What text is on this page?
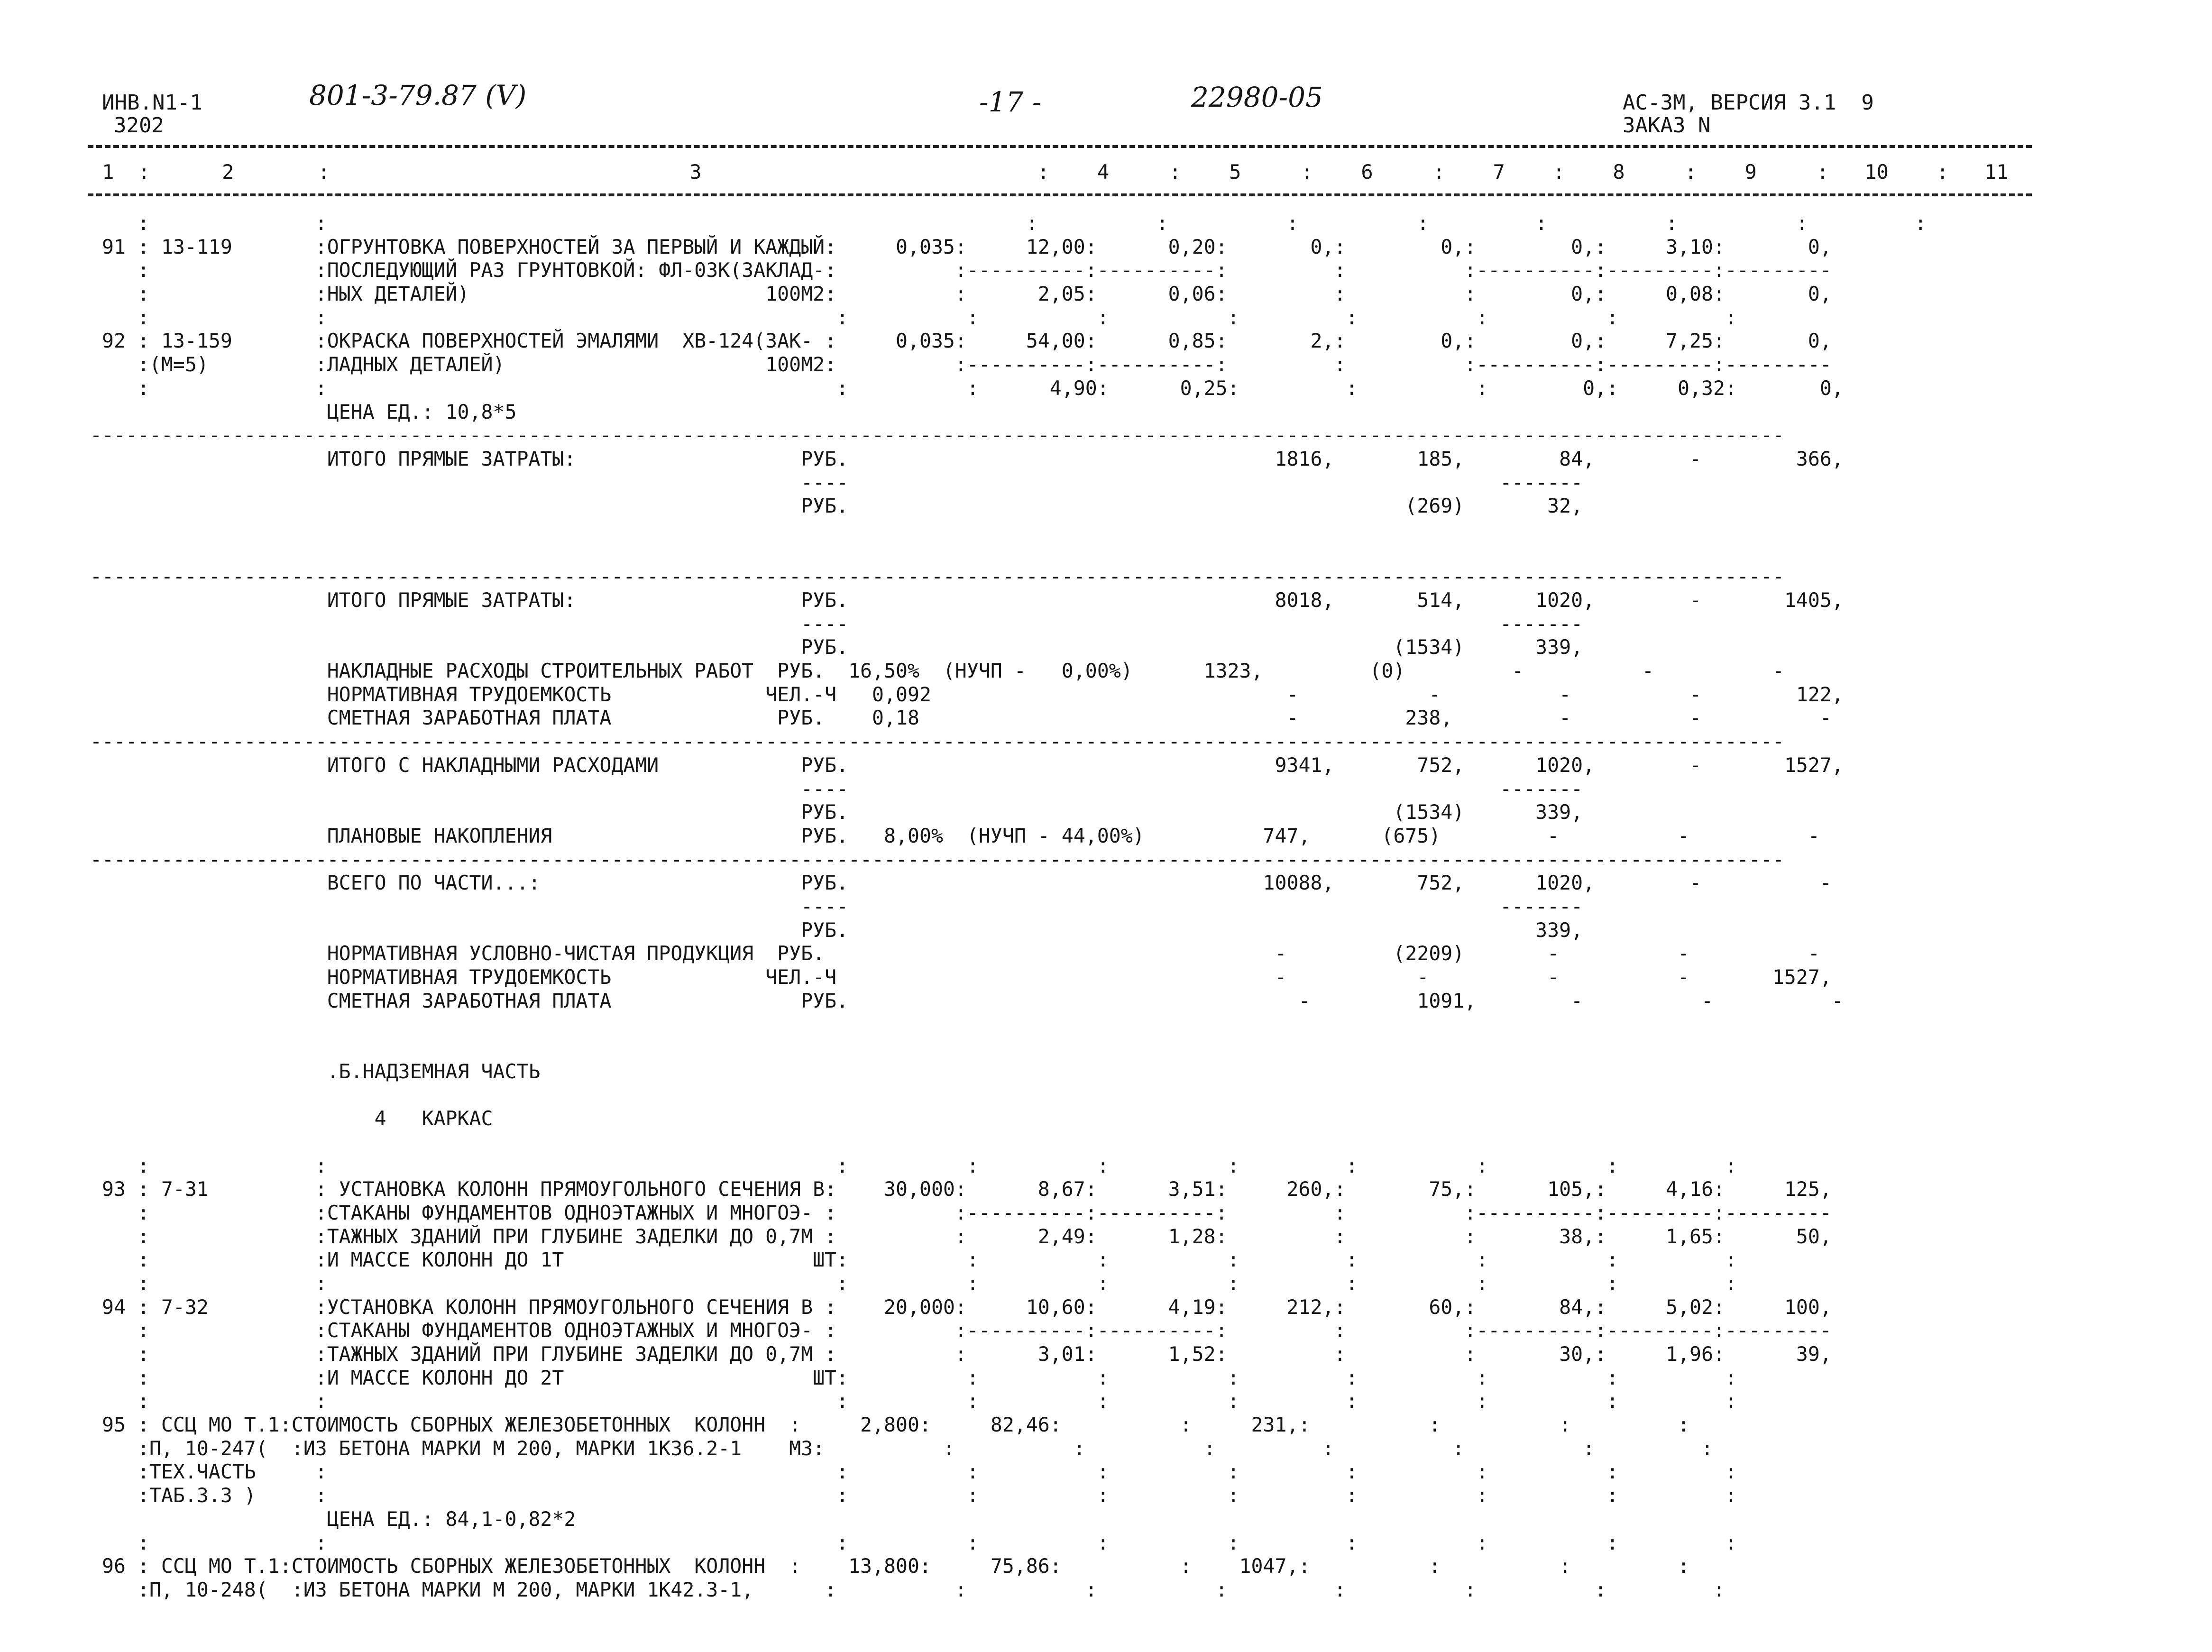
ИНВ.N1-1
3202
801-3-79.87 (V)	-17 -	22980-05	АС-3М, ВЕРСИЯ 3.1  9
ЗАКАЗ N
1  :      2       :                              3                            :    4     :    5     :    6     :    7    :    8     :    9     :   10    :   11
:              :                                                           :          :          :          :         :          :          :         :
91 : 13-119       :ОГРУНТОВКА ПОВЕРХНОСТЕЙ ЗА ПЕРВЫЙ И КАЖДЫЙ:     0,035:     12,00:      0,20:       0,:        0,:        0,:     3,10:       0,
:              :ПОСЛЕДУЮЩИЙ РАЗ ГРУНТОВКОЙ: ФЛ-03К(ЗАКЛАД-:          :----------:----------:         :          :----------:---------:---------
:              :НЫХ ДЕТАЛЕЙ)                         100М2:          :      2,05:      0,06:         :          :        0,:     0,08:       0,
:              :                                           :          :          :          :         :          :          :         :
92 : 13-159       :ОКРАСКА ПОВЕРХНОСТЕЙ ЭМАЛЯМИ  ХВ-124(ЗАК- :     0,035:     54,00:      0,85:       2,:        0,:        0,:     7,25:       0,
:(М=5)         :ЛАДНЫХ ДЕТАЛЕЙ)                      100М2:          :----------:----------:         :          :----------:---------:---------
:              :                                           :          :      4,90:      0,25:         :          :        0,:     0,32:       0,
ЦЕНА ЕД.: 10,8*5
-----------------------------------------------------------------------------------------------------------------------------------------------
ИТОГО ПРЯМЫЕ ЗАТРАТЫ:                   РУБ.                                    1816,       185,        84,        -        366,
----                                                       -------
РУБ.                                               (269)       32,
-----------------------------------------------------------------------------------------------------------------------------------------------
ИТОГО ПРЯМЫЕ ЗАТРАТЫ:                   РУБ.                                    8018,       514,      1020,        -       1405,
----                                                       -------
РУБ.                                              (1534)      339,
НАКЛАДНЫЕ РАСХОДЫ СТРОИТЕЛЬНЫХ РАБОТ  РУБ.  16,50%  (НУЧП -   0,00%)      1323,         (0)         -          -          -
НОРМАТИВНАЯ ТРУДОЕМКОСТЬ             ЧЕЛ.-Ч   0,092                              -           -          -          -        122,
СМЕТНАЯ ЗАРАБОТНАЯ ПЛАТА              РУБ.    0,18                               -         238,         -          -          -
-----------------------------------------------------------------------------------------------------------------------------------------------
ИТОГО С НАКЛАДНЫМИ РАСХОДАМИ            РУБ.                                    9341,       752,      1020,        -       1527,
----                                                       -------
РУБ.                                              (1534)      339,
ПЛАНОВЫЕ НАКОПЛЕНИЯ                     РУБ.   8,00%  (НУЧП - 44,00%)          747,      (675)         -          -          -
-----------------------------------------------------------------------------------------------------------------------------------------------
ВСЕГО ПО ЧАСТИ...:                      РУБ.                                   10088,       752,      1020,        -          -
----                                                       -------
РУБ.                                                          339,
НОРМАТИВНАЯ УСЛОВНО-ЧИСТАЯ ПРОДУКЦИЯ  РУБ.                                      -         (2209)       -          -          -
НОРМАТИВНАЯ ТРУДОЕМКОСТЬ             ЧЕЛ.-Ч                                     -           -          -          -       1527,
СМЕТНАЯ ЗАРАБОТНАЯ ПЛАТА                РУБ.                                      -         1091,        -          -          -
.Б.НАДЗЕМНАЯ ЧАСТЬ
4   КАРКАС
:              :                                           :          :          :          :         :          :          :         :
93 : 7-31         : УСТАНОВКА КОЛОНН ПРЯМОУГОЛЬНОГО СЕЧЕНИЯ В:    30,000:      8,67:      3,51:     260,:       75,:      105,:     4,16:     125,
:              :СТАКАНЫ ФУНДАМЕНТОВ ОДНОЭТАЖНЫХ И МНОГОЭ- :          :----------:----------:         :          :----------:---------:---------
:              :ТАЖНЫХ ЗДАНИЙ ПРИ ГЛУБИНЕ ЗАДЕЛКИ ДО 0,7М :          :      2,49:      1,28:         :          :       38,:     1,65:      50,
:              :И МАССЕ КОЛОНН ДО 1Т                     ШТ:          :          :          :         :          :          :         :
:              :                                           :          :          :          :         :          :          :         :
94 : 7-32         :УСТАНОВКА КОЛОНН ПРЯМОУГОЛЬНОГО СЕЧЕНИЯ В :    20,000:     10,60:      4,19:     212,:       60,:       84,:     5,02:     100,
:              :СТАКАНЫ ФУНДАМЕНТОВ ОДНОЭТАЖНЫХ И МНОГОЭ- :          :----------:----------:         :          :----------:---------:---------
:              :ТАЖНЫХ ЗДАНИЙ ПРИ ГЛУБИНЕ ЗАДЕЛКИ ДО 0,7М :          :      3,01:      1,52:         :          :       30,:     1,96:      39,
:              :И МАССЕ КОЛОНН ДО 2Т                     ШТ:          :          :          :         :          :          :         :
:              :                                           :          :          :          :         :          :          :         :
95 : ССЦ МО Т.1:СТОИМОСТЬ СБОРНЫХ ЖЕЛЕЗОБЕТОННЫХ  КОЛОНН  :     2,800:     82,46:          :     231,:          :          :         :
:П, 10-247(  :ИЗ БЕТОНА МАРКИ М 200, МАРКИ 1К36.2-1    М3:          :          :          :         :          :          :         :
:ТЕХ.ЧАСТЬ     :                                           :          :          :          :         :          :          :         :
:ТАБ.3.3 )     :                                           :          :          :          :         :          :          :         :
ЦЕНА ЕД.: 84,1-0,82*2
:              :                                           :          :          :          :         :          :          :         :
96 : ССЦ МО Т.1:СТОИМОСТЬ СБОРНЫХ ЖЕЛЕЗОБЕТОННЫХ  КОЛОНН  :    13,800:     75,86:          :    1047,:          :          :         :
:П, 10-248(  :ИЗ БЕТОНА МАРКИ М 200, МАРКИ 1К42.3-1,      :          :          :          :         :          :          :         :
